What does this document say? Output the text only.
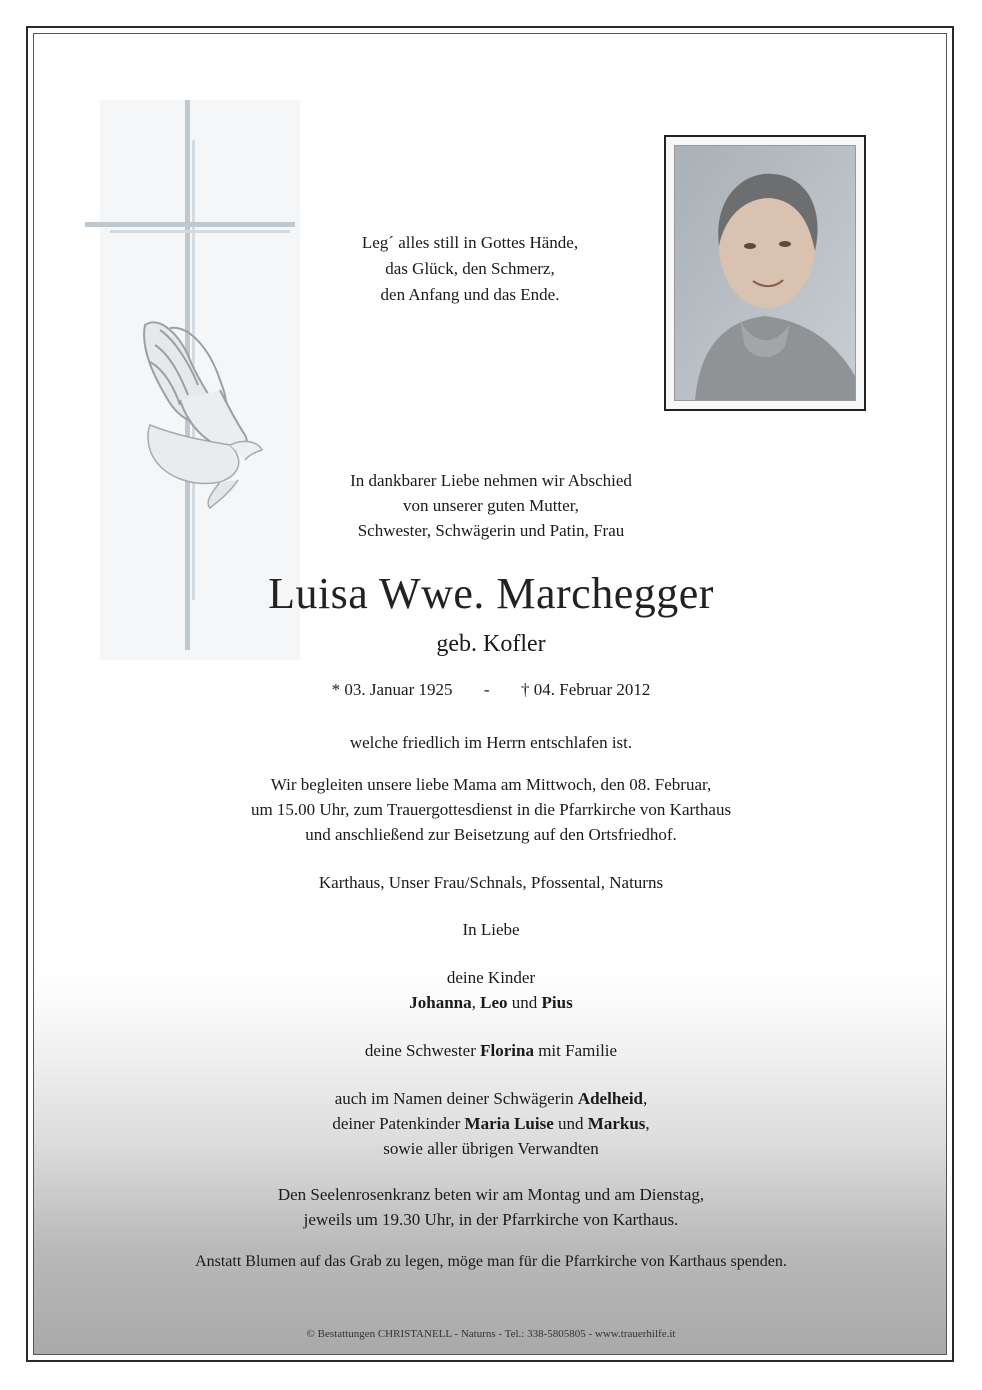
Leg´ alles still in Gottes Hände,
das Glück, den Schmerz,
den Anfang und das Ende.
In dankbarer Liebe nehmen wir Abschied
von unserer guten Mutter,
Schwester, Schwägerin und Patin, Frau
Luisa Wwe. Marchegger
geb. Kofler
* 03. Januar 1925 - † 04. Februar 2012
welche friedlich im Herrn entschlafen ist.
Wir begleiten unsere liebe Mama am Mittwoch, den 08. Februar,
um 15.00 Uhr, zum Trauergottesdienst in die Pfarrkirche von Karthaus
und anschließend zur Beisetzung auf den Ortsfriedhof.
Karthaus, Unser Frau/Schnals, Pfossental, Naturns
In Liebe
deine Kinder
Johanna, Leo und Pius
deine Schwester Florina mit Familie
auch im Namen deiner Schwägerin Adelheid,
deiner Patenkinder Maria Luise und Markus,
sowie aller übrigen Verwandten
Den Seelenrosenkranz beten wir am Montag und am Dienstag,
jeweils um 19.30 Uhr, in der Pfarrkirche von Karthaus.
Anstatt Blumen auf das Grab zu legen, möge man für die Pfarrkirche von Karthaus spenden.
© Bestattungen CHRISTANELL - Naturns - Tel.: 338-5805805 - www.trauerhilfe.it
